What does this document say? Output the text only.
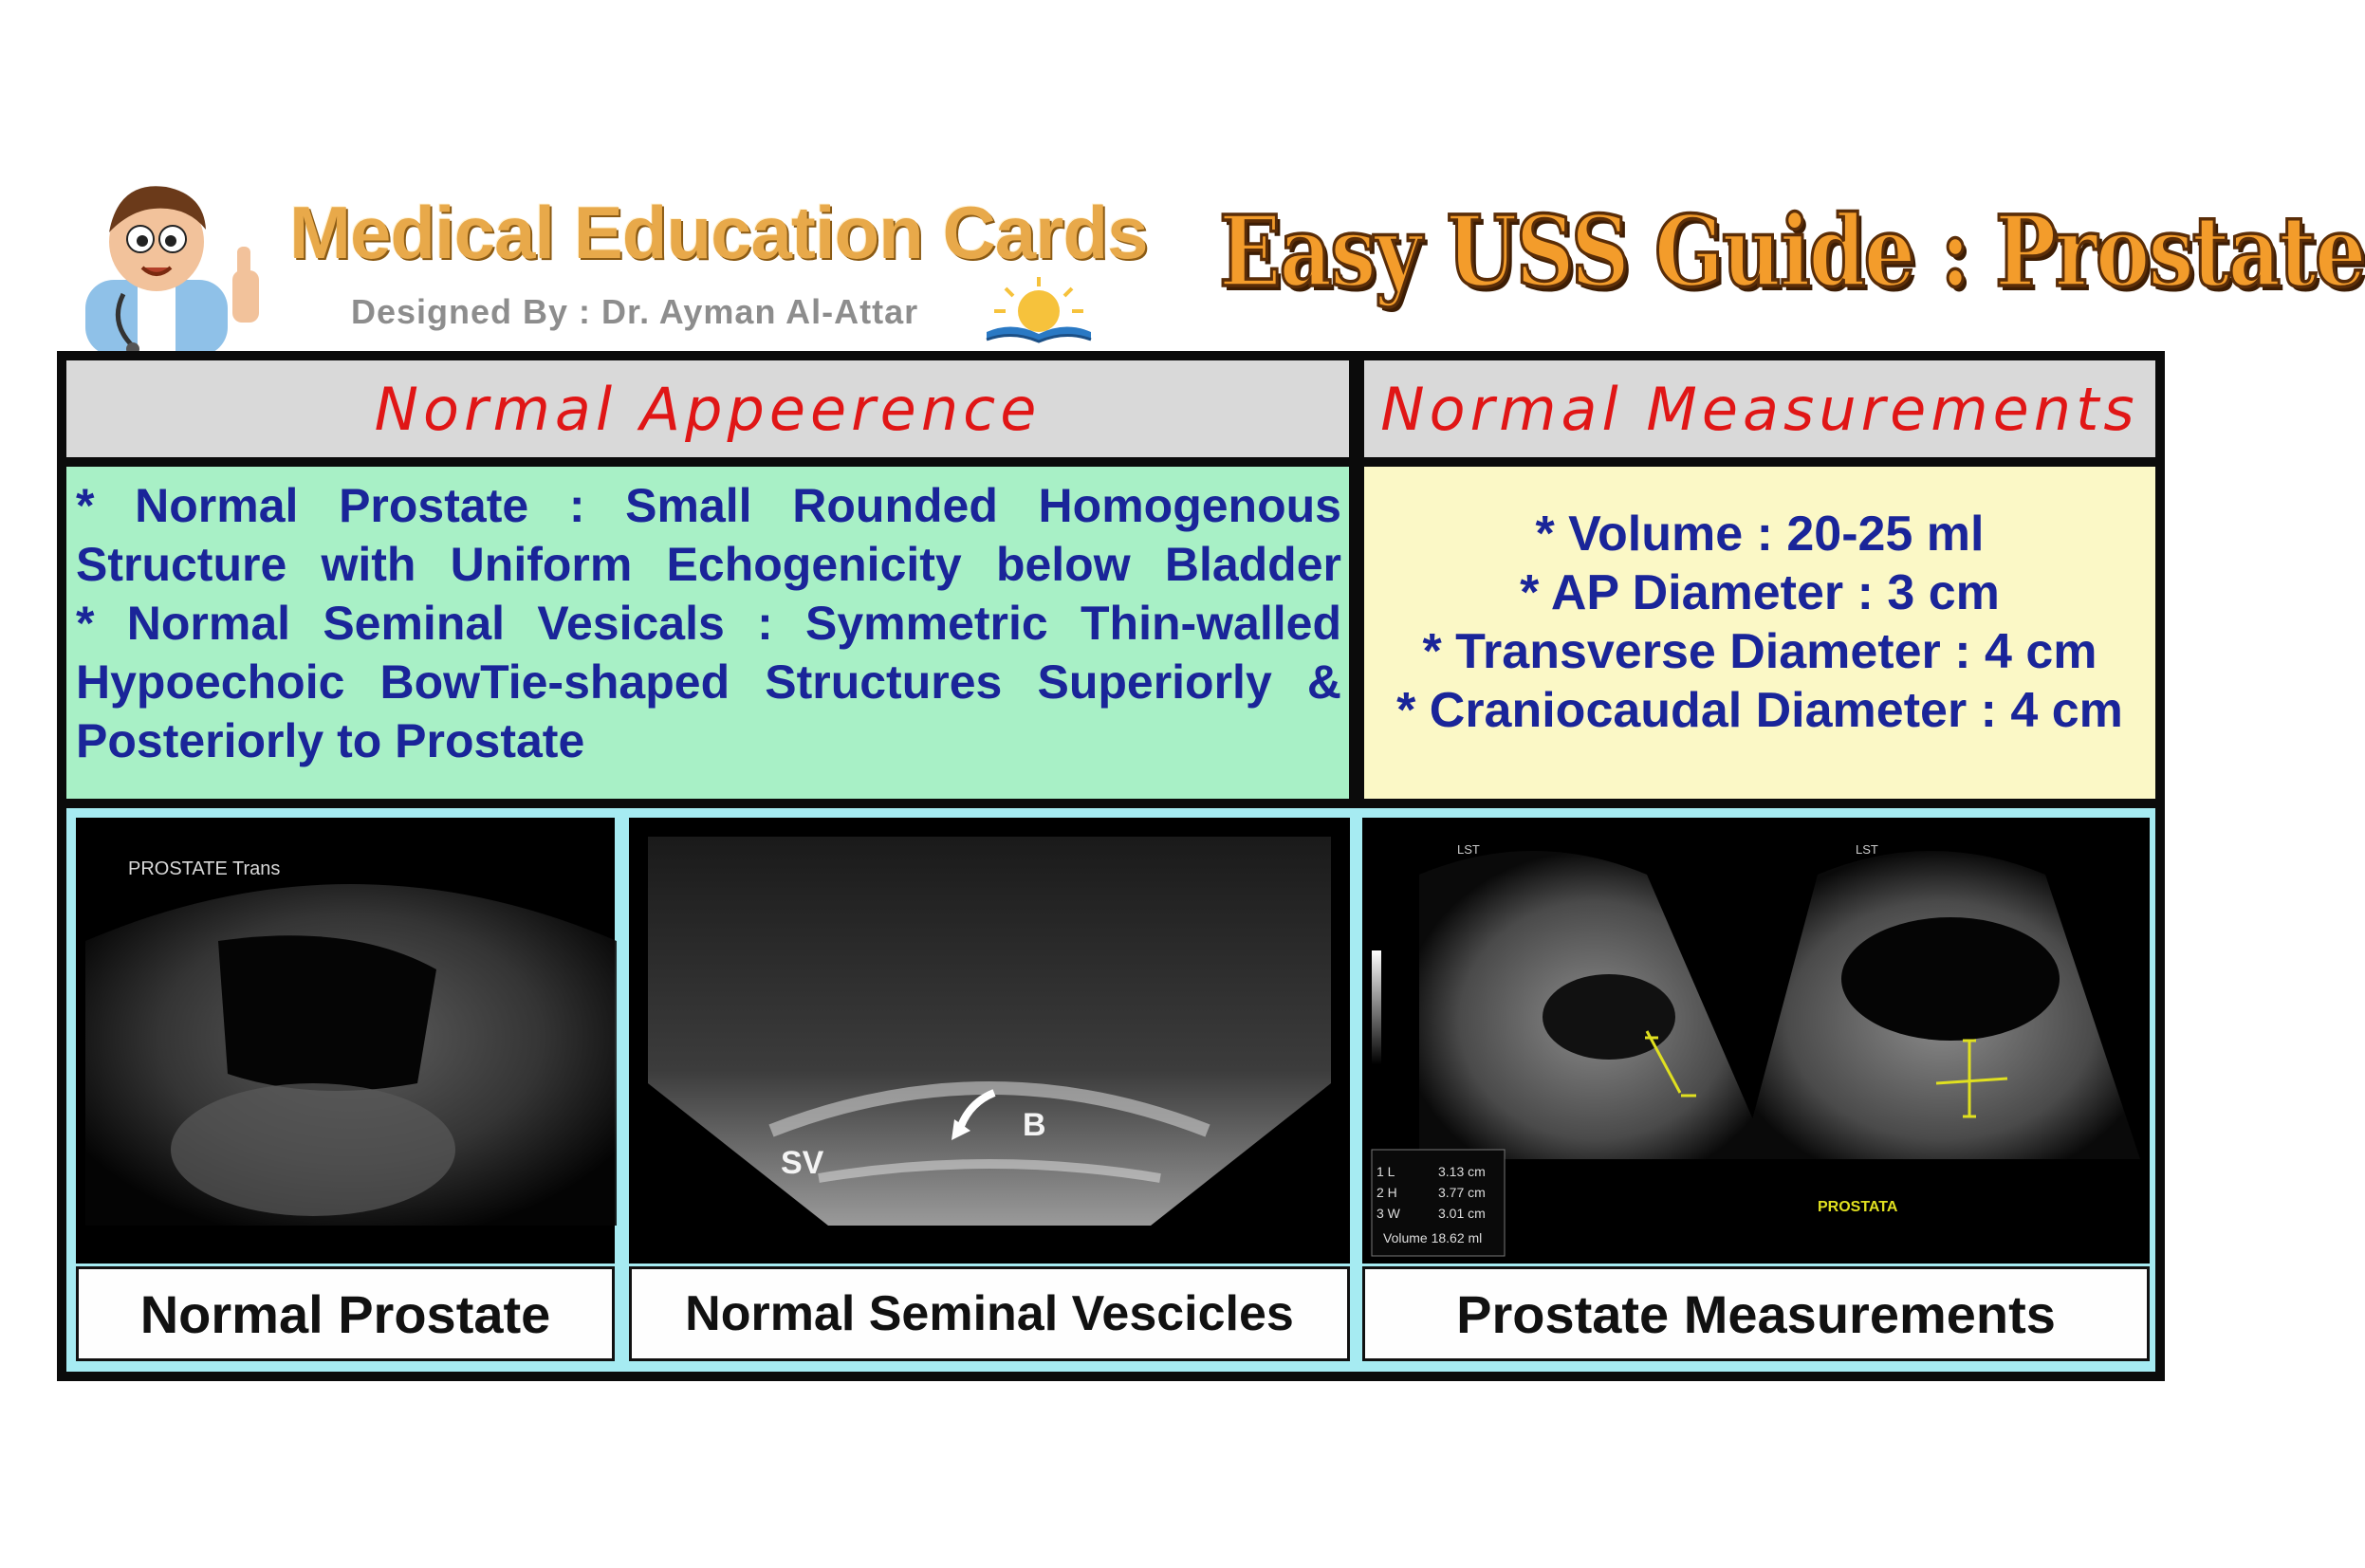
Medical Education Cards
Designed By : Dr. Ayman Al-Attar
Easy USS Guide : Prostate
Normal Appeerence	Normal Measurements
* Normal Prostate : Small Rounded Homogenous
Structure with Uniform Echogenicity below Bladder
* Normal Seminal Vesicals : Symmetric Thin-walled
Hypoechoic BowTie-shaped Structures Superiorly &
Posteriorly to Prostate
* Volume : 20-25 ml
* AP Diameter : 3 cm
* Transverse Diameter : 4 cm
* Craniocaudal Diameter : 4 cm
PROSTATE Trans
SV
B
LST	LST
PROSTATA
1 L	3.13 cm
2 H	3.77 cm
3 W	3.01 cm
Volume 18.62 ml
Normal Prostate	Normal Seminal Vescicles	Prostate Measurements
